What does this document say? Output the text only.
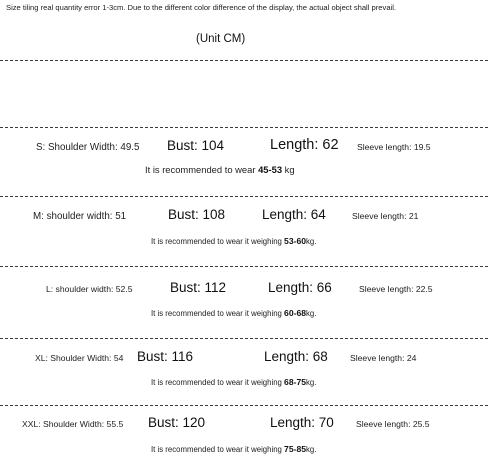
Size tiling real quantity error 1-3cm. Due to the different color difference of the display, the actual object shall prevail.
(Unit CM)
S: Shoulder Width: 49.5 Bust: 104	Length: 62 Sleeve length: 19.5
It is recommended to wear 45-53 kg
M: shoulder width: 51	Bust: 108	Length: 64	Sleeve length: 21
It is recommended to wear it weighing 53-60kg.
L: shoulder width: 52.5	Bust: 112	Length: 66	Sleeve length: 22.5
It is recommended to wear it weighing 60-68kg.
XL: Shoulder Width: 54 Bust: 116	Length: 68	Sleeve length: 24
It is recommended to wear it weighing 68-75kg.
XXL: Shoulder Width: 55.5 Bust: 120	Length: 70	Sleeve length: 25.5
It is recommended to wear it weighing 75-85kg.
